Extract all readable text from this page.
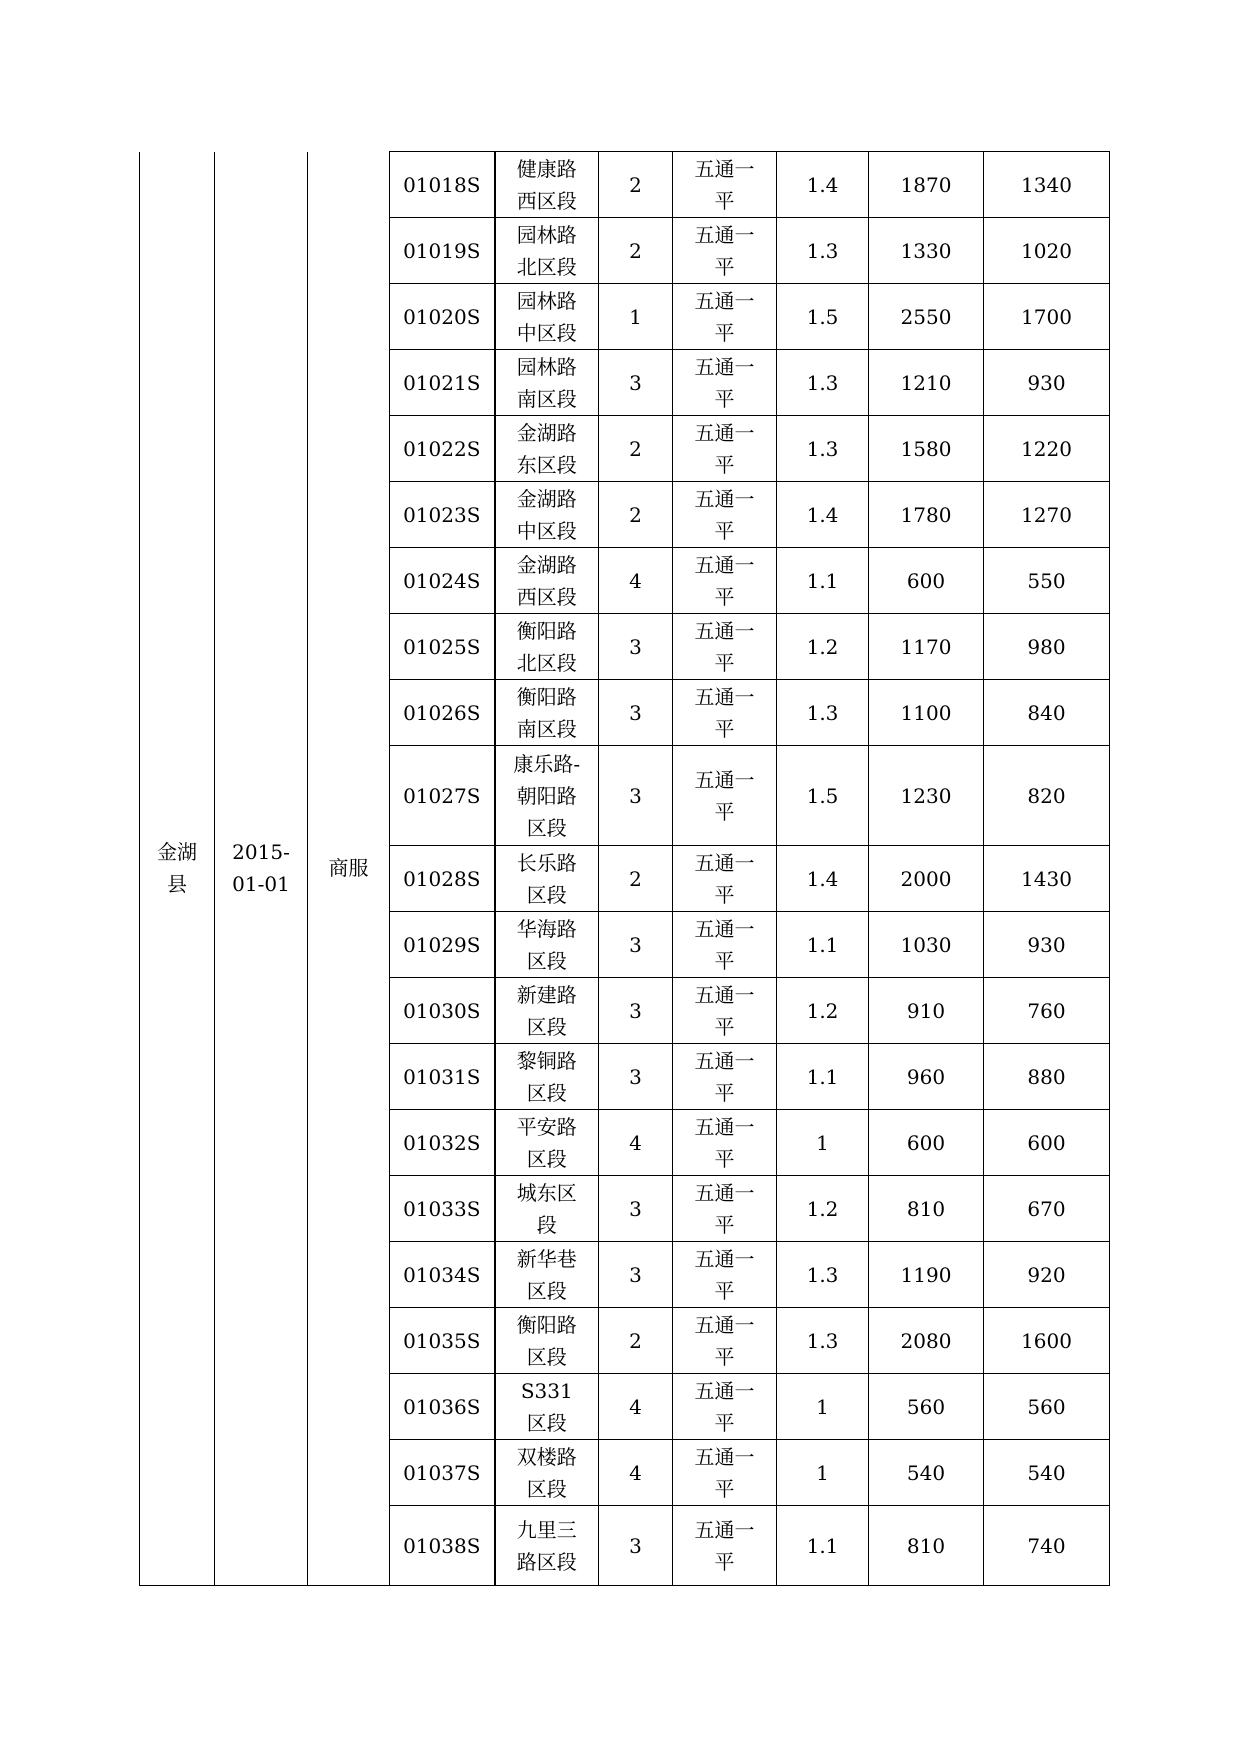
金湖县	2015-01-01	商服	01018S	健康路西区段	2	五通一平	1.4	1870	1340
			01019S	园林路北区段	2	五通一平	1.3	1330	1020
			01020S	园林路中区段	1	五通一平	1.5	2550	1700
			01021S	园林路南区段	3	五通一平	1.3	1210	930
			01022S	金湖路东区段	2	五通一平	1.3	1580	1220
			01023S	金湖路中区段	2	五通一平	1.4	1780	1270
			01024S	金湖路西区段	4	五通一平	1.1	600	550
			01025S	衡阳路北区段	3	五通一平	1.2	1170	980
			01026S	衡阳路南区段	3	五通一平	1.3	1100	840
			01027S	康乐路-朝阳路区段	3	五通一平	1.5	1230	820
			01028S	长乐路区段	2	五通一平	1.4	2000	1430
			01029S	华海路区段	3	五通一平	1.1	1030	930
			01030S	新建路区段	3	五通一平	1.2	910	760
			01031S	黎铜路区段	3	五通一平	1.1	960	880
			01032S	平安路区段	4	五通一平	1	600	600
			01033S	城东区段	3	五通一平	1.2	810	670
			01034S	新华巷区段	3	五通一平	1.3	1190	920
			01035S	衡阳路区段	2	五通一平	1.3	2080	1600
			01036S	S331区段	4	五通一平	1	560	560
			01037S	双楼路区段	4	五通一平	1	540	540
			01038S	九里三路区段	3	五通一平	1.1	810	740
